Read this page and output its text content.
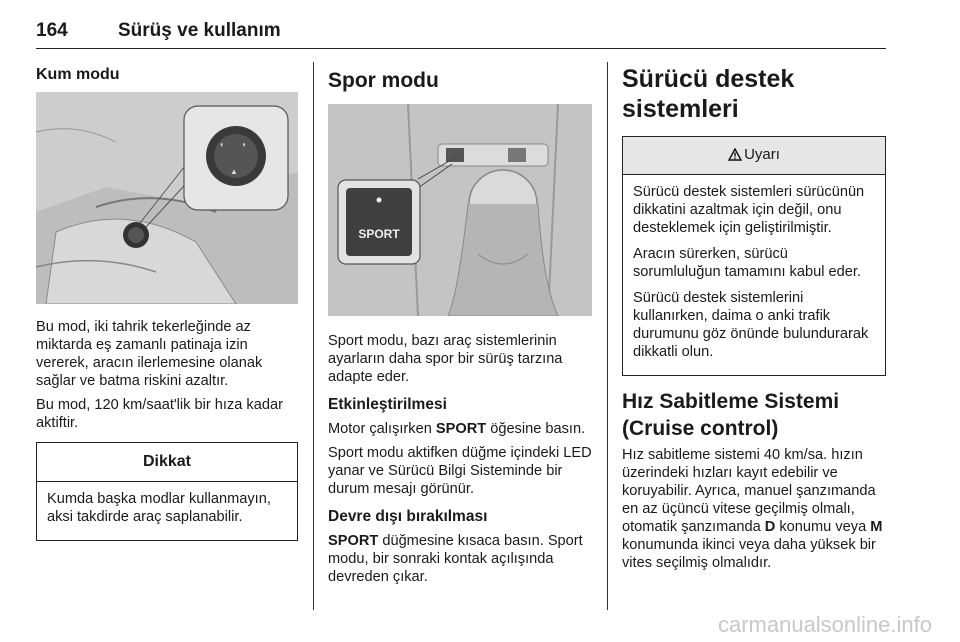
164	Sürüş ve kullanım
Kum modu
◐ ◑
▲

Bu mod, iki tahrik tekerleğinde az miktarda eş zamanlı patinaja izin vererek, aracın ilerlemesine olanak sağlar ve batma riskini azaltır.

Bu mod, 120 km/saat'lik bir hıza kadar aktiftir.

Dikkat

Kumda başka modlar kullanmayın, aksi takdirde araç saplanabilir.

Spor modu
SPORT

Sport modu, bazı araç sistemlerinin ayarların daha spor bir sürüş tarzına adapte eder.

Etkinleştirilmesi

Motor çalışırken SPORT öğesine basın.

Sport modu aktifken düğme içindeki LED yanar ve Sürücü Bilgi Sisteminde bir durum mesajı görünür.

Devre dışı bırakılması

SPORT düğmesine kısaca basın. Sport modu, bir sonraki kontak açılışında devreden çıkar.

Sürücü destek sistemleri
Uyarı

Sürücü destek sistemleri sürücünün dikkatini azaltmak için değil, onu desteklemek için geliştirilmiştir.

Aracın sürerken, sürücü sorumluluğun tamamını kabul eder.

Sürücü destek sistemlerini kullanırken, daima o anki trafik durumunu göz önünde bulundurarak dikkatli olun.

Hız Sabitleme Sistemi (Cruise control)

Hız sabitleme sistemi 40 km/sa. hızın üzerindeki hızları kayıt edebilir ve koruyabilir. Ayrıca, manuel şanzımanda en az üçüncü vitese geçilmiş olmalı, otomatik şanzımanda D konumu veya M konumunda ikinci veya daha yüksek bir vites seçilmiş olmalıdır.

carmanualsonline.info
